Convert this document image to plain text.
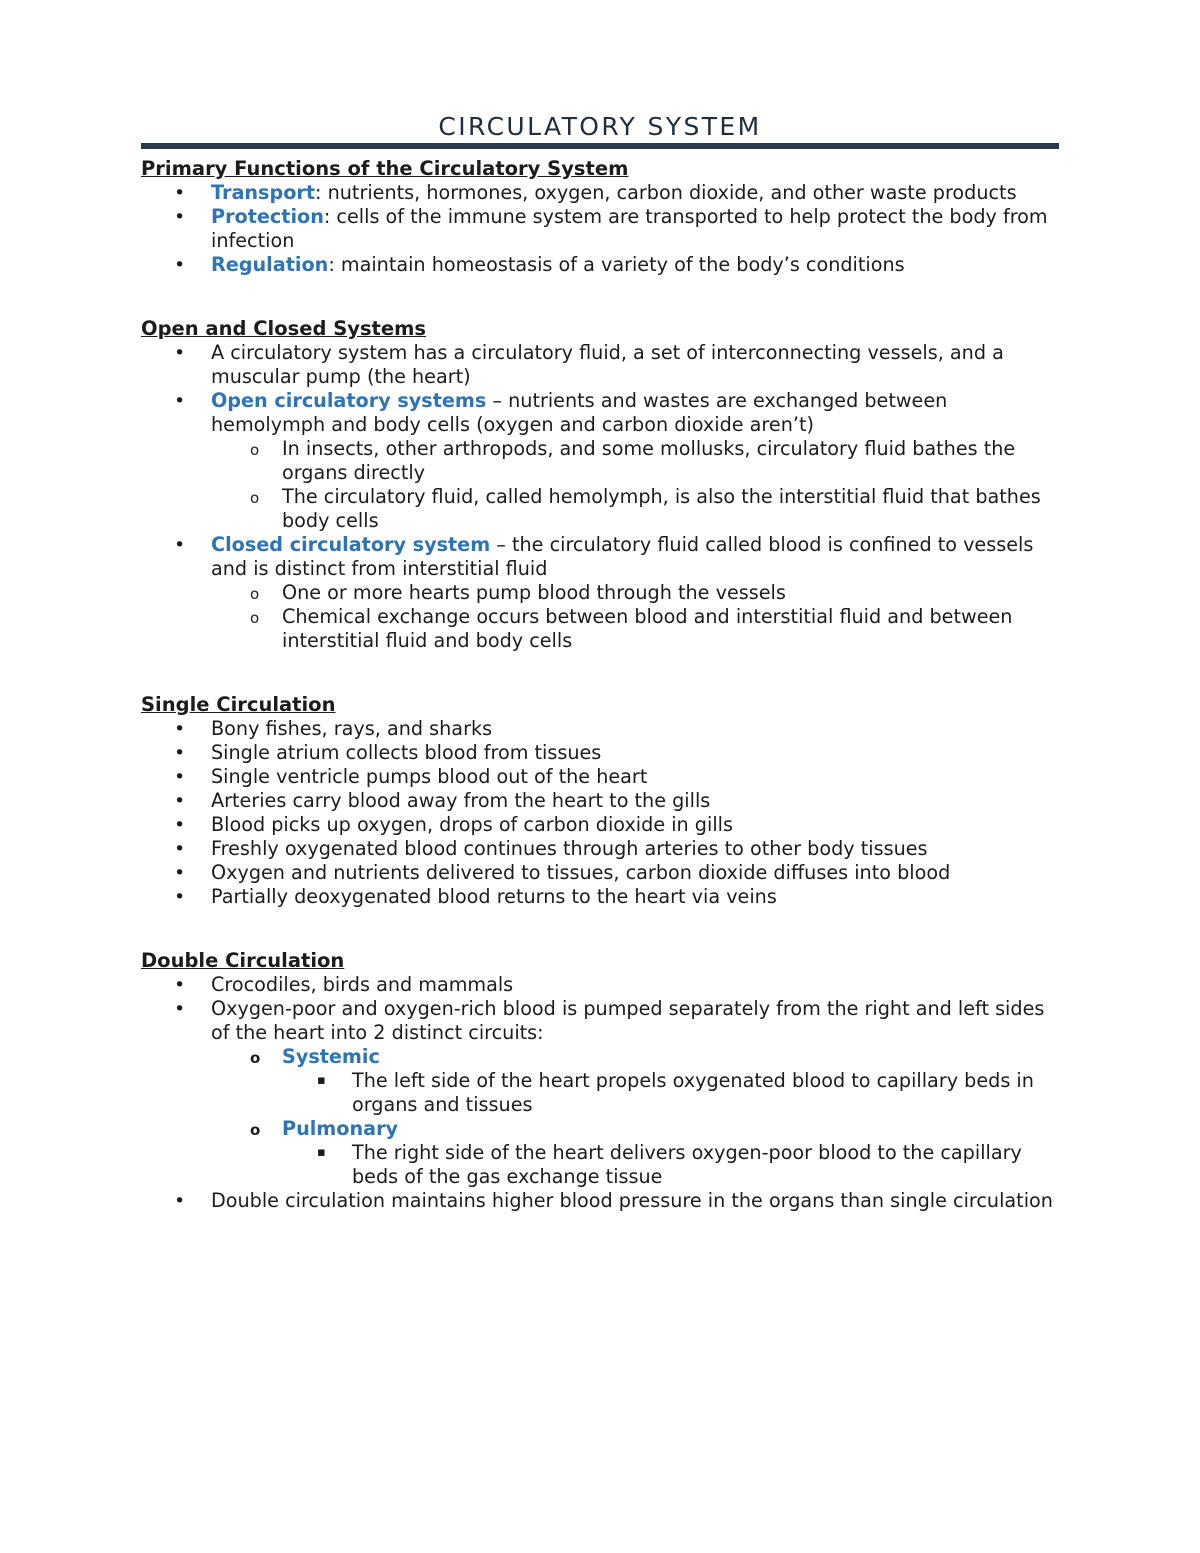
CIRCULATORY SYSTEM
Primary Functions of the Circulatory System
• Transport: nutrients, hormones, oxygen, carbon dioxide, and other waste products
• Protection: cells of the immune system are transported to help protect the body from infection
• Regulation: maintain homeostasis of a variety of the body’s conditions
Open and Closed Systems
• A circulatory system has a circulatory fluid, a set of interconnecting vessels, and a muscular pump (the heart)
• Open circulatory systems – nutrients and wastes are exchanged between hemolymph and body cells (oxygen and carbon dioxide aren’t)
o In insects, other arthropods, and some mollusks, circulatory fluid bathes the organs directly
o The circulatory fluid, called hemolymph, is also the interstitial fluid that bathes body cells
• Closed circulatory system – the circulatory fluid called blood is confined to vessels and is distinct from interstitial fluid
o One or more hearts pump blood through the vessels
o Chemical exchange occurs between blood and interstitial fluid and between interstitial fluid and body cells
Single Circulation
• Bony fishes, rays, and sharks
• Single atrium collects blood from tissues
• Single ventricle pumps blood out of the heart
• Arteries carry blood away from the heart to the gills
• Blood picks up oxygen, drops of carbon dioxide in gills
• Freshly oxygenated blood continues through arteries to other body tissues
• Oxygen and nutrients delivered to tissues, carbon dioxide diffuses into blood
• Partially deoxygenated blood returns to the heart via veins
Double Circulation
• Crocodiles, birds and mammals
• Oxygen-poor and oxygen-rich blood is pumped separately from the right and left sides of the heart into 2 distinct circuits:
o Systemic
▪ The left side of the heart propels oxygenated blood to capillary beds in organs and tissues
o Pulmonary
▪ The right side of the heart delivers oxygen-poor blood to the capillary beds of the gas exchange tissue
• Double circulation maintains higher blood pressure in the organs than single circulation
